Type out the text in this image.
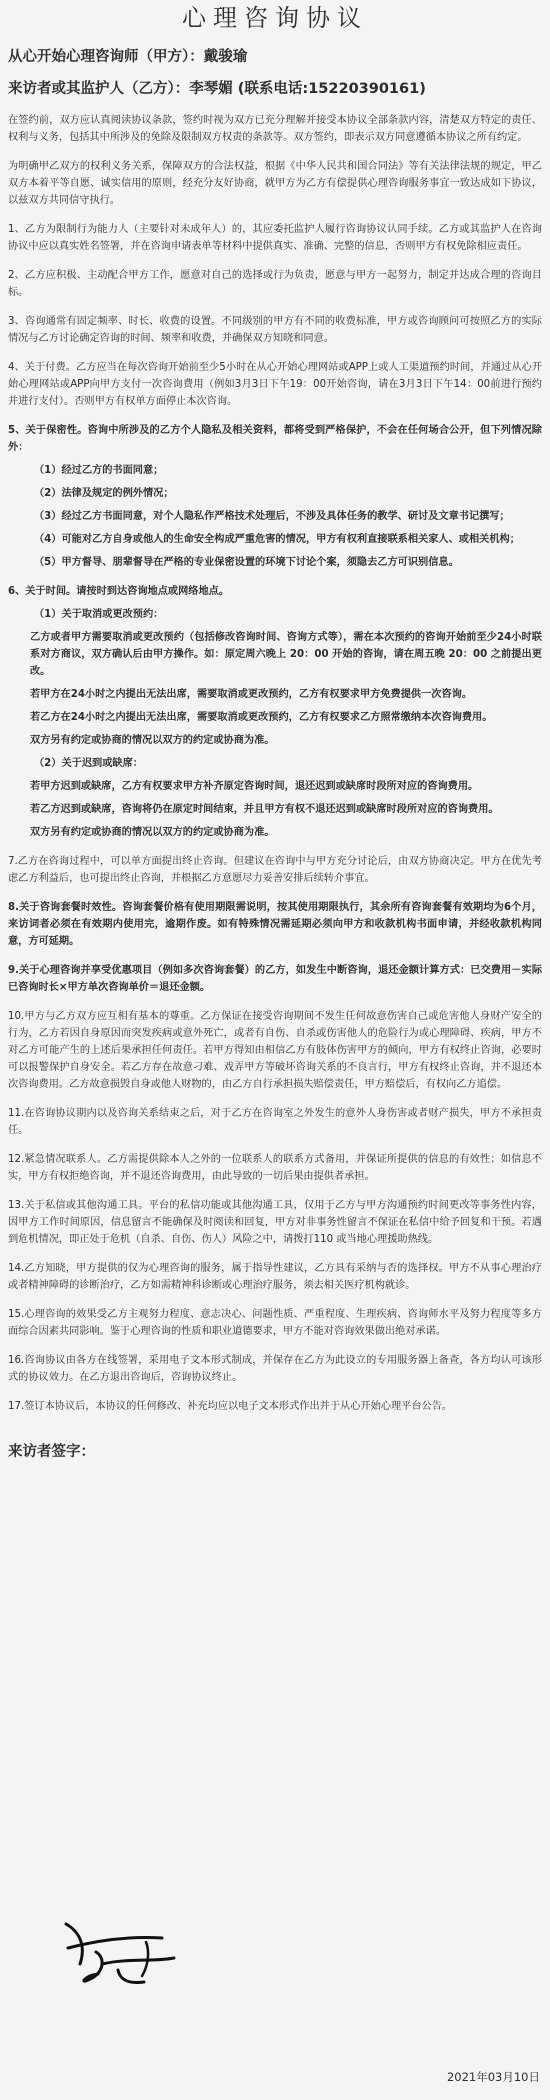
心理咨询协议
从心开始心理咨询师（甲方）：戴骏瑜
来访者或其监护人（乙方）：李琴媚 (联系电话:15220390161)

在签约前，双方应认真阅读协议条款，签约时视为双方已充分理解并接受本协议全部条款内容，清楚双方特定的责任、权利与义务，包括其中所涉及的免除及限制双方权责的条款等。双方签约，即表示双方同意遵循本协议之所有约定。

为明确甲乙双方的权利义务关系，保障双方的合法权益，根据《中华人民共和国合同法》等有关法律法规的规定，甲乙双方本着平等自愿、诚实信用的原则，经充分友好协商，就甲方为乙方有偿提供心理咨询服务事宜一致达成如下协议，以兹双方共同信守执行。

1、乙方为限制行为能力人（主要针对未成年人）的，其应委托监护人履行咨询协议认同手续。乙方或其监护人在咨询协议中应以真实姓名签署，并在咨询申请表单等材料中提供真实、准确、完整的信息，否则甲方有权免除相应责任。

2、乙方应积极、主动配合甲方工作，愿意对自己的选择或行为负责，愿意与甲方一起努力，制定并达成合理的咨询目标。

3、咨询通常有固定频率、时长、收费的设置。不同级别的甲方有不同的收费标准，甲方或咨询顾问可按照乙方的实际情况与乙方讨论确定咨询的时间、频率和收费，并确保双方知晓和同意。

4、关于付费。乙方应当在每次咨询开始前至少5小时在从心开始心理网站或APP上或人工渠道预约时间，并通过从心开始心理网站或APP向甲方支付一次咨询费用（例如3月3日下午19：00开始咨询，请在3月3日下午14：00前进行预约并进行支付）。否则甲方有权单方面停止本次咨询。

5、关于保密性。咨询中所涉及的乙方个人隐私及相关资料，都将受到严格保护，不会在任何场合公开，但下列情况除外：

（1）经过乙方的书面同意；

（2）法律及规定的例外情况；

（3）经过乙方书面同意，对个人隐私作严格技术处理后，不涉及具体任务的教学、研讨及文章书记撰写；

（4）可能对乙方自身或他人的生命安全构成严重危害的情况，甲方有权利直接联系相关家人、或相关机构；

（5）甲方督导、朋辈督导在严格的专业保密设置的环境下讨论个案，须隐去乙方可识别信息。

6、关于时间。请按时到达咨询地点或网络地点。

（1）关于取消或更改预约：

乙方或者甲方需要取消或更改预约（包括修改咨询时间、咨询方式等），需在本次预约的咨询开始前至少24小时联系对方商议，双方确认后由甲方操作。如：原定周六晚上 20：00 开始的咨询，请在周五晚 20：00 之前提出更改。

若甲方在24小时之内提出无法出席，需要取消或更改预约，乙方有权要求甲方免费提供一次咨询。

若乙方在24小时之内提出无法出席，需要取消或更改预约，乙方有权要求乙方照常缴纳本次咨询费用。

双方另有约定或协商的情况以双方的约定或协商为准。

（2）关于迟到或缺席：

若甲方迟到或缺席，乙方有权要求甲方补齐原定咨询时间，退还迟到或缺席时段所对应的咨询费用。

若乙方迟到或缺席，咨询将仍在原定时间结束，并且甲方有权不退还迟到或缺席时段所对应的咨询费用。

双方另有约定或协商的情况以双方的约定或协商为准。

7.乙方在咨询过程中，可以单方面提出终止咨询。但建议在咨询中与甲方充分讨论后，由双方协商决定。甲方在优先考虑乙方利益后，也可提出终止咨询，并根据乙方意愿尽力妥善安排后续转介事宜。

8.关于咨询套餐时效性。咨询套餐价格有使用期限需说明，按其使用期限执行，其余所有咨询套餐有效期均为6个月，来访词者必须在有效期内使用完，逾期作废。如有特殊情况需延期必须向甲方和收款机构书面申请，并经收款机构同意，方可延期。

9.关于心理咨询并享受优惠项目（例如多次咨询套餐）的乙方，如发生中断咨询，退还金额计算方式：已交费用－实际已咨询时长×甲方单次咨询单价＝退还金额。

10.甲方与乙方双方应互相有基本的尊重。乙方保证在接受咨询期间不发生任何故意伤害自己或危害他人身财产安全的行为，乙方若因自身原因而突发疾病或意外死亡，或者有自伤、自杀或伤害他人的危险行为或心理障碍、疾病，甲方不对乙方可能产生的上述后果承担任何责任。若甲方得知由相信乙方有肢体伤害甲方的倾向，甲方有权终止咨询，必要时可以报警保护自身安全。若乙方存在故意刁难、戏弄甲方等破坏咨询关系的不良言行，甲方有权终止咨询，并不退还本次咨询费用。乙方故意损毁自身或他人财物的，由乙方自行承担损失赔偿责任，甲方赔偿后，有权向乙方追偿。

11.在咨询协议期内以及咨询关系结束之后，对于乙方在咨询室之外发生的意外人身伤害或者财产损失，甲方不承担责任。

12.紧急情况联系人。乙方需提供除本人之外的一位联系人的联系方式备用，并保证所提供的信息的有效性；如信息不实，甲方有权拒绝咨询，并不退还咨询费用，由此导致的一切后果由提供者承担。

13.关于私信或其他沟通工具。平台的私信功能或其他沟通工具，仅用于乙方与甲方沟通预约时间更改等事务性内容，因甲方工作时间原因，信息留言不能确保及时阅读和回复，甲方对非事务性留言不保证在私信中给予回复和干预。若遇到危机情况，即正处于危机（自杀、自伤、伤人）风险之中，请拨打110 或当地心理援助热线。

14.乙方知晓，甲方提供的仅为心理咨询的服务，属于指导性建议，乙方具有采纳与否的选择权。甲方不从事心理治疗或者精神障碍的诊断治疗，乙方如需精神科诊断或心理治疗服务，须去相关医疗机构就诊。

15.心理咨询的效果受乙方主观努力程度、意志决心、问题性质、严重程度、生理疾病、咨询师水平及努力程度等多方面综合因素共同影响。鉴于心理咨询的性质和职业道德要求，甲方不能对咨询效果做出绝对承诺。

16.咨询协议由各方在线签署，采用电子文本形式制成，并保存在乙方为此设立的专用服务器上备查，各方均认可该形式的协议效力。在乙方退出咨询后，咨询协议终止。

17.签订本协议后，本协议的任何修改、补充均应以电子文本形式作出并于从心开始心理平台公告。

来访者签字：
2021年03月10日
